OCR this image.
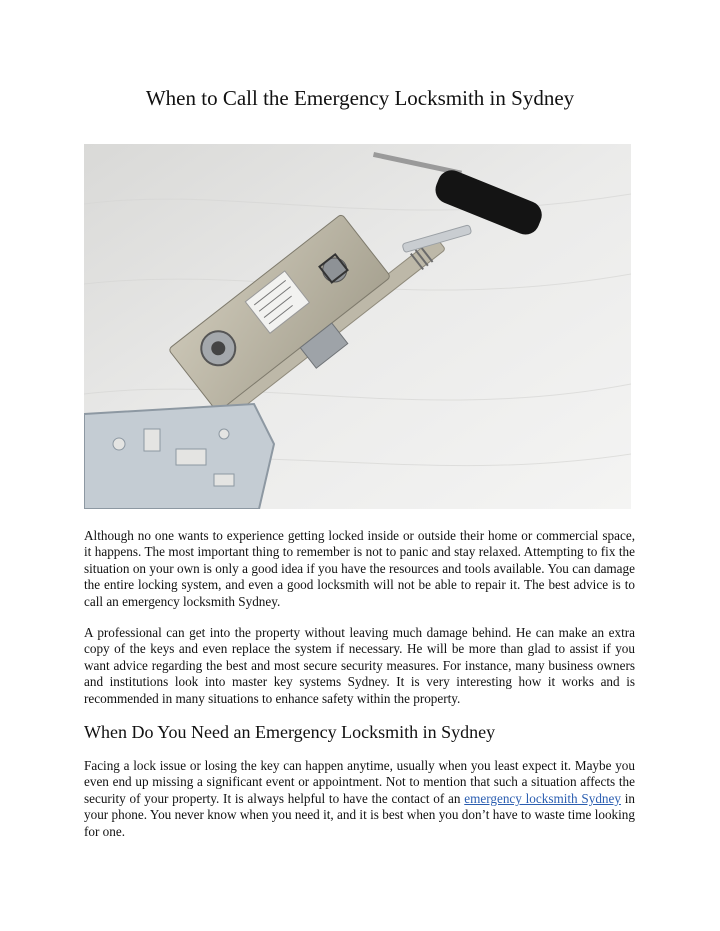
When to Call the Emergency Locksmith in Sydney

Although no one wants to experience getting locked inside or outside their home or commercial space, it happens. The most important thing to remember is not to panic and stay relaxed. Attempting to fix the situation on your own is only a good idea if you have the resources and tools available. You can damage the entire locking system, and even a good locksmith will not be able to repair it. The best advice is to call an emergency locksmith Sydney.

A professional can get into the property without leaving much damage behind. He can make an extra copy of the keys and even replace the system if necessary. He will be more than glad to assist if you want advice regarding the best and most secure security measures. For instance, many business owners and institutions look into master key systems Sydney. It is very interesting how it works and is recommended in many situations to enhance safety within the property.

When Do You Need an Emergency Locksmith in Sydney

Facing a lock issue or losing the key can happen anytime, usually when you least expect it. Maybe you even end up missing a significant event or appointment. Not to mention that such a situation affects the security of your property. It is always helpful to have the contact of an emergency locksmith Sydney in your phone. You never know when you need it, and it is best when you don’t have to waste time looking for one.
